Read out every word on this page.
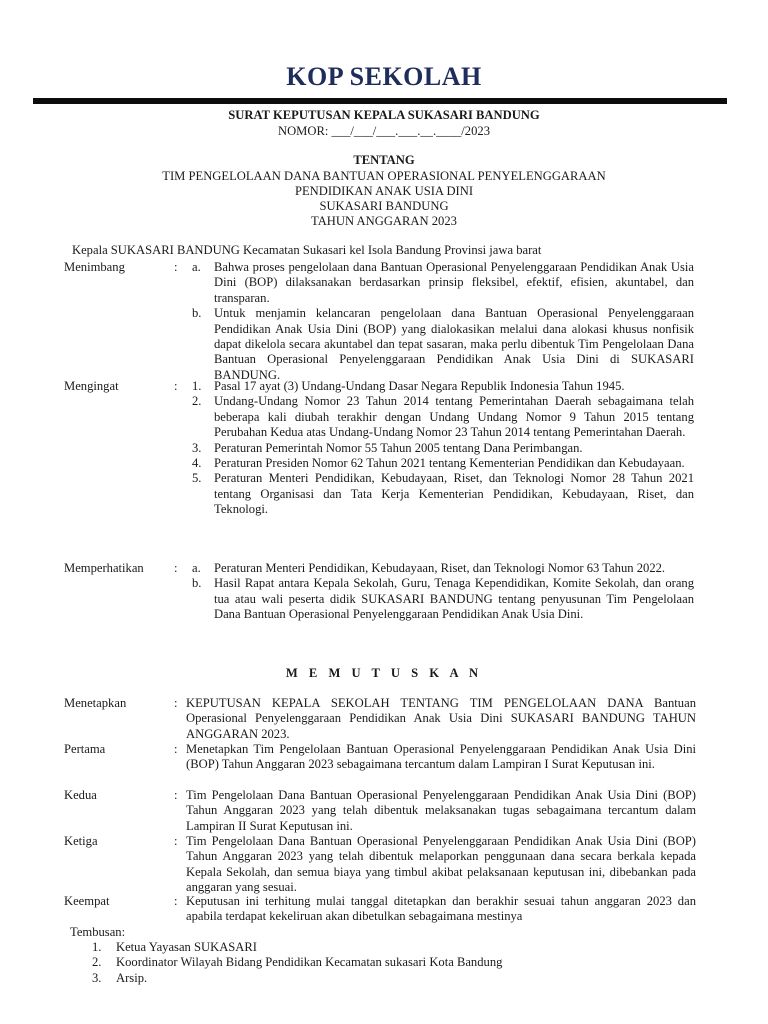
KOP SEKOLAH
SURAT KEPUTUSAN KEPALA SUKASARI BANDUNG
NOMOR: ___/___/___.___.__.____/2023
TENTANG
TIM PENGELOLAAN DANA BANTUAN OPERASIONAL PENYELENGGARAAN
PENDIDIKAN ANAK USIA DINI
SUKASARI BANDUNG
TAHUN ANGGARAN 2023
Kepala SUKASARI BANDUNG Kecamatan Sukasari kel Isola Bandung Provinsi jawa barat
Menimbang	: a. Bahwa proses pengelolaan dana Bantuan Operasional Penyelenggaraan Pendidikan Anak Usia Dini (BOP) dilaksanakan berdasarkan prinsip fleksibel, efektif, efisien, akuntabel, dan transparan.
b. Untuk menjamin kelancaran pengelolaan dana Bantuan Operasional Penyelenggaraan Pendidikan Anak Usia Dini (BOP) yang dialokasikan melalui dana alokasi khusus nonfisik dapat dikelola secara akuntabel dan tepat sasaran, maka perlu dibentuk Tim Pengelolaan Dana Bantuan Operasional Penyelenggaraan Pendidikan Anak Usia Dini di SUKASARI BANDUNG.
Mengingat	: 1. Pasal 17 ayat (3) Undang-Undang Dasar Negara Republik Indonesia Tahun 1945.
2. Undang-Undang Nomor 23 Tahun 2014 tentang Pemerintahan Daerah sebagaimana telah beberapa kali diubah terakhir dengan Undang Undang Nomor 9 Tahun 2015 tentang Perubahan Kedua atas Undang-Undang Nomor 23 Tahun 2014 tentang Pemerintahan Daerah.
3. Peraturan Pemerintah Nomor 55 Tahun 2005 tentang Dana Perimbangan.
4. Peraturan Presiden Nomor 62 Tahun 2021 tentang Kementerian Pendidikan dan Kebudayaan.
5. Peraturan Menteri Pendidikan, Kebudayaan, Riset, dan Teknologi Nomor 28 Tahun 2021 tentang Organisasi dan Tata Kerja Kementerian Pendidikan, Kebudayaan, Riset, dan Teknologi.
Memperhatikan : a. Peraturan Menteri Pendidikan, Kebudayaan, Riset, dan Teknologi Nomor 63 Tahun 2022.
b. Hasil Rapat antara Kepala Sekolah, Guru, Tenaga Kependidikan, Komite Sekolah, dan orang tua atau wali peserta didik SUKASARI BANDUNG tentang penyusunan Tim Pengelolaan Dana Bantuan Operasional Penyelenggaraan Pendidikan Anak Usia Dini.
M E M U T U S K A N
Menetapkan	: KEPUTUSAN KEPALA SEKOLAH TENTANG TIM PENGELOLAAN DANA Bantuan Operasional Penyelenggaraan Pendidikan Anak Usia Dini SUKASARI BANDUNG TAHUN ANGGARAN 2023.
Pertama	: Menetapkan Tim Pengelolaan Bantuan Operasional Penyelenggaraan Pendidikan Anak Usia Dini (BOP) Tahun Anggaran 2023 sebagaimana tercantum dalam Lampiran I Surat Keputusan ini.
Kedua	: Tim Pengelolaan Dana Bantuan Operasional Penyelenggaraan Pendidikan Anak Usia Dini (BOP) Tahun Anggaran 2023 yang telah dibentuk melaksanakan tugas sebagaimana tercantum dalam Lampiran II Surat Keputusan ini.
Ketiga	: Tim Pengelolaan Dana Bantuan Operasional Penyelenggaraan Pendidikan Anak Usia Dini (BOP) Tahun Anggaran 2023 yang telah dibentuk melaporkan penggunaan dana secara berkala kepada Kepala Sekolah, dan semua biaya yang timbul akibat pelaksanaan keputusan ini, dibebankan pada anggaran yang sesuai.
Keempat	: Keputusan ini terhitung mulai tanggal ditetapkan dan berakhir sesuai tahun anggaran 2023 dan apabila terdapat kekeliruan akan dibetulkan sebagaimana mestinya
Tembusan:
1. Ketua Yayasan SUKASARI
2. Koordinator Wilayah Bidang Pendidikan Kecamatan sukasari Kota Bandung
3. Arsip.
